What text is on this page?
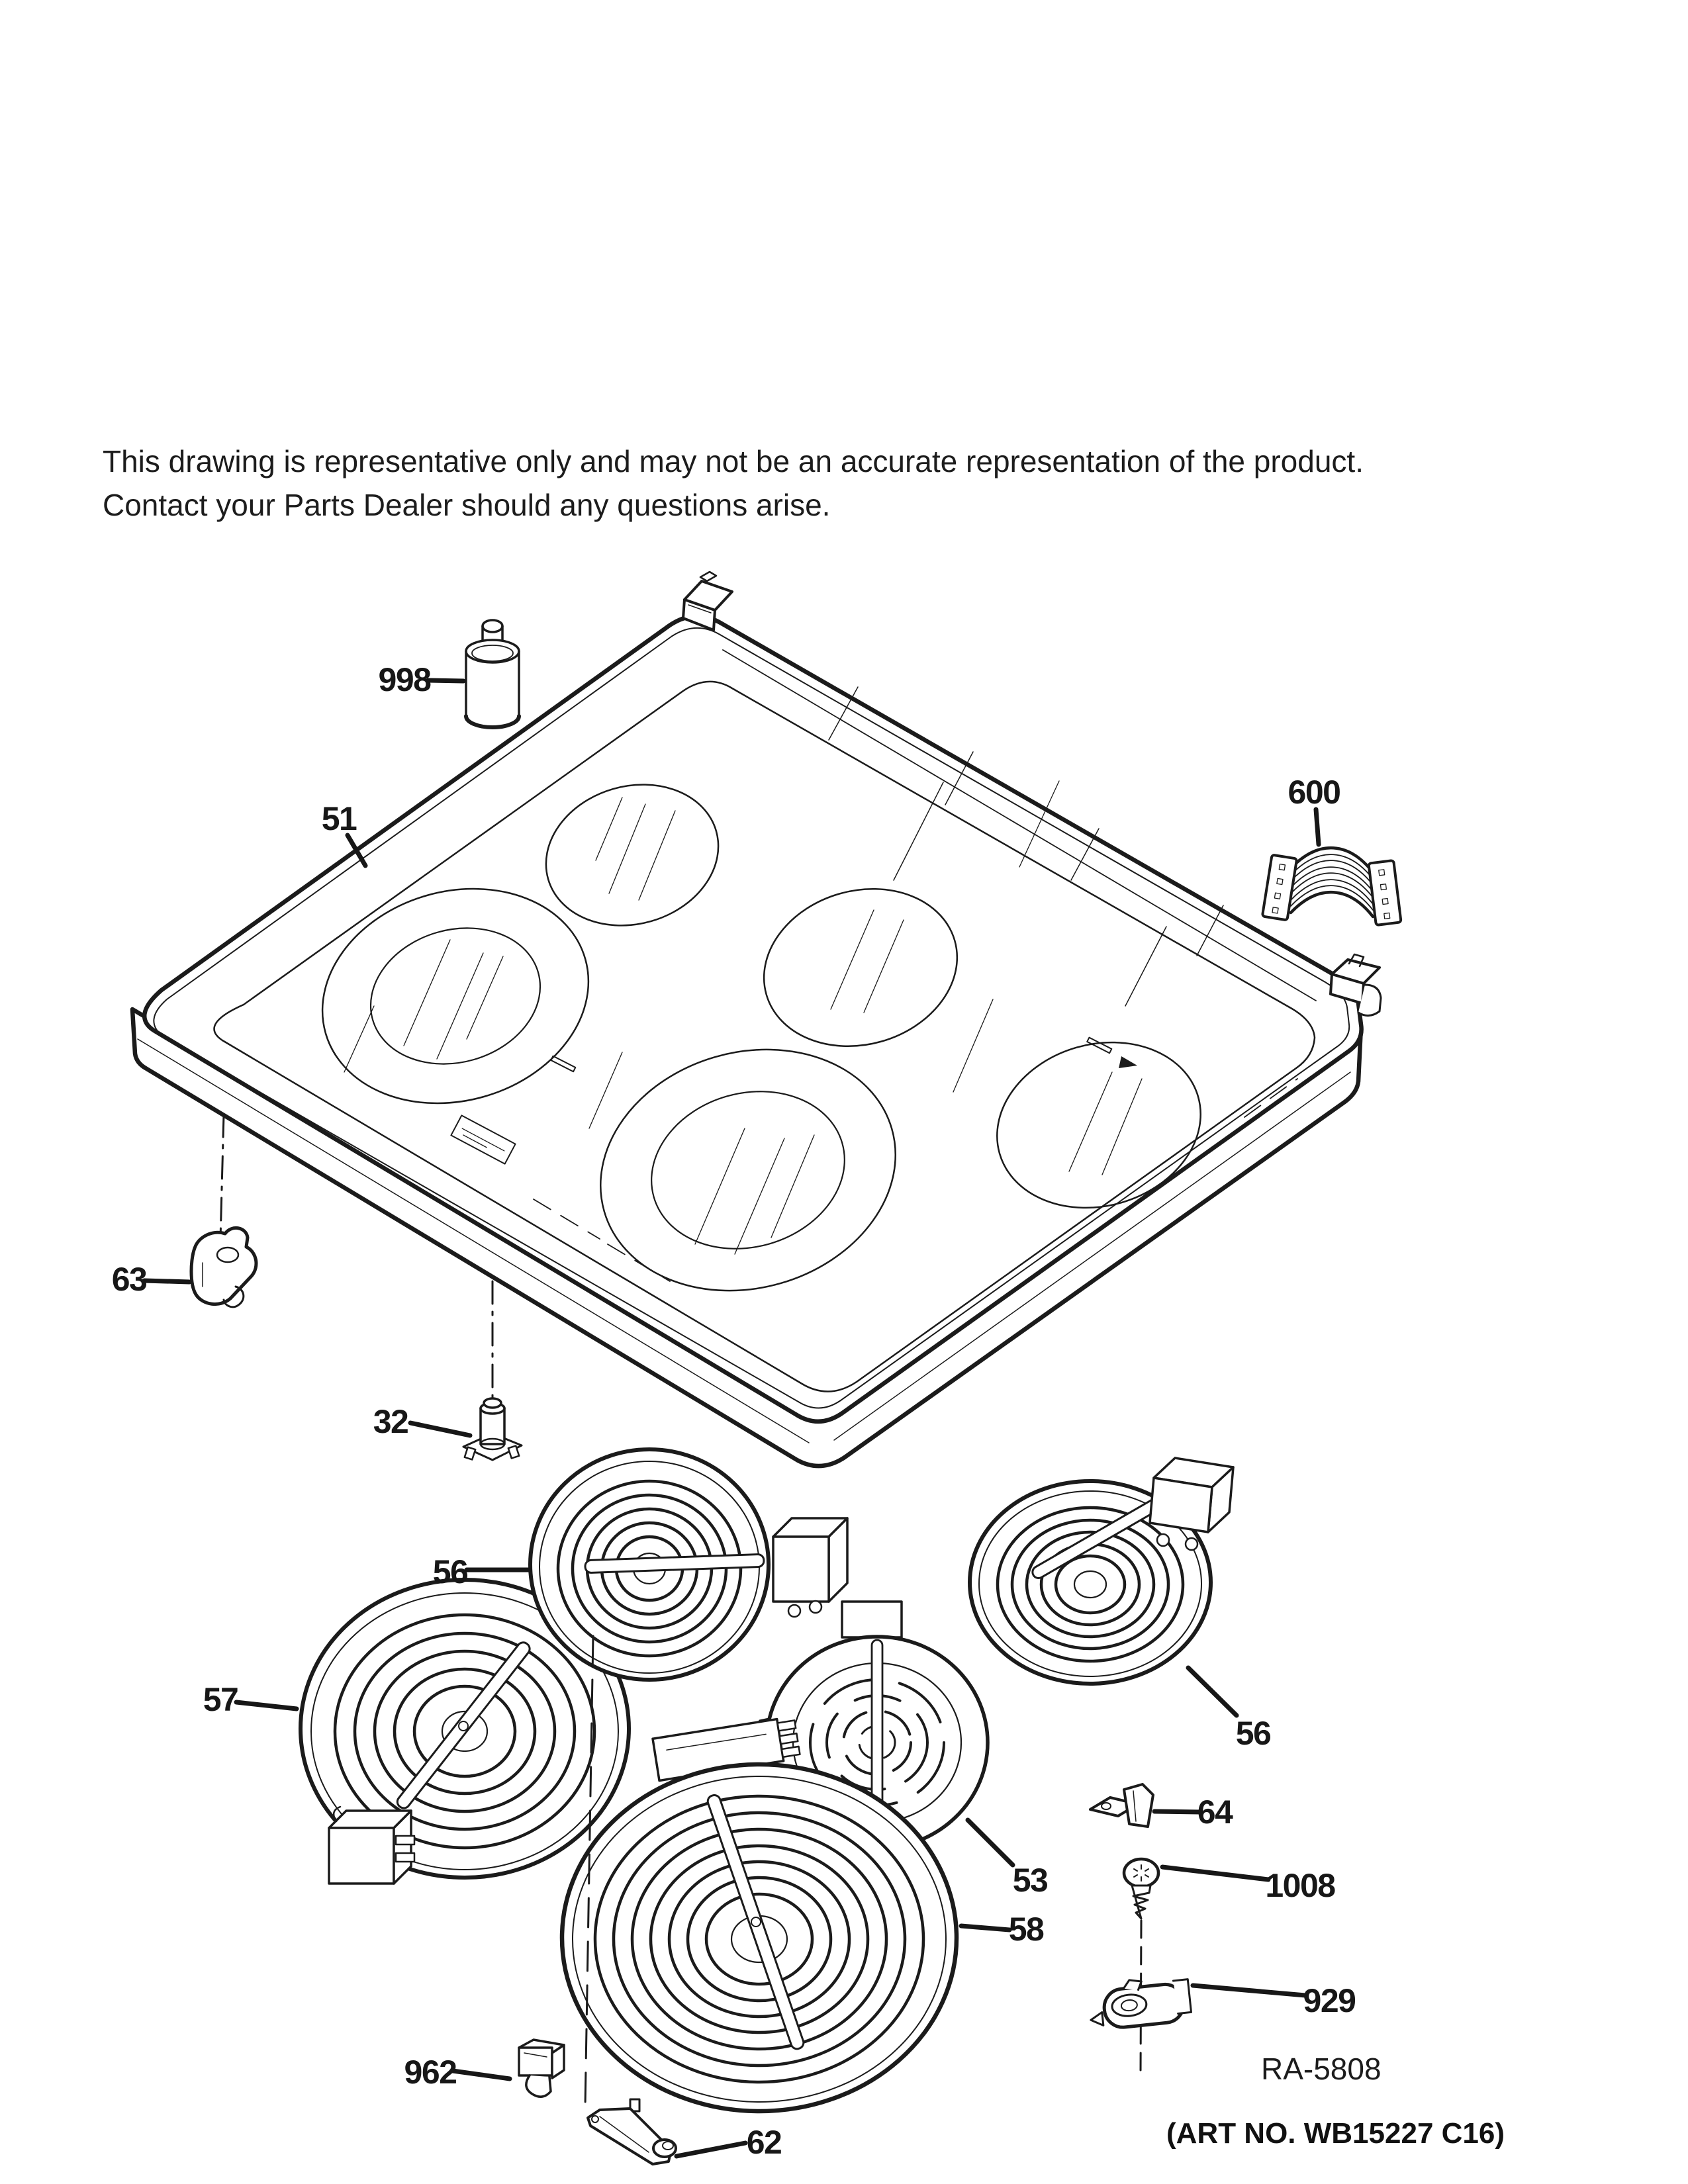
This drawing is representative only and may not be an accurate representation of the product.
Contact your Parts Dealer should any questions arise.
RA-5808
(ART NO. WB15227 C16)
998
51
600
63
32
56
57
56
64
53
58
1008
929
962
62
